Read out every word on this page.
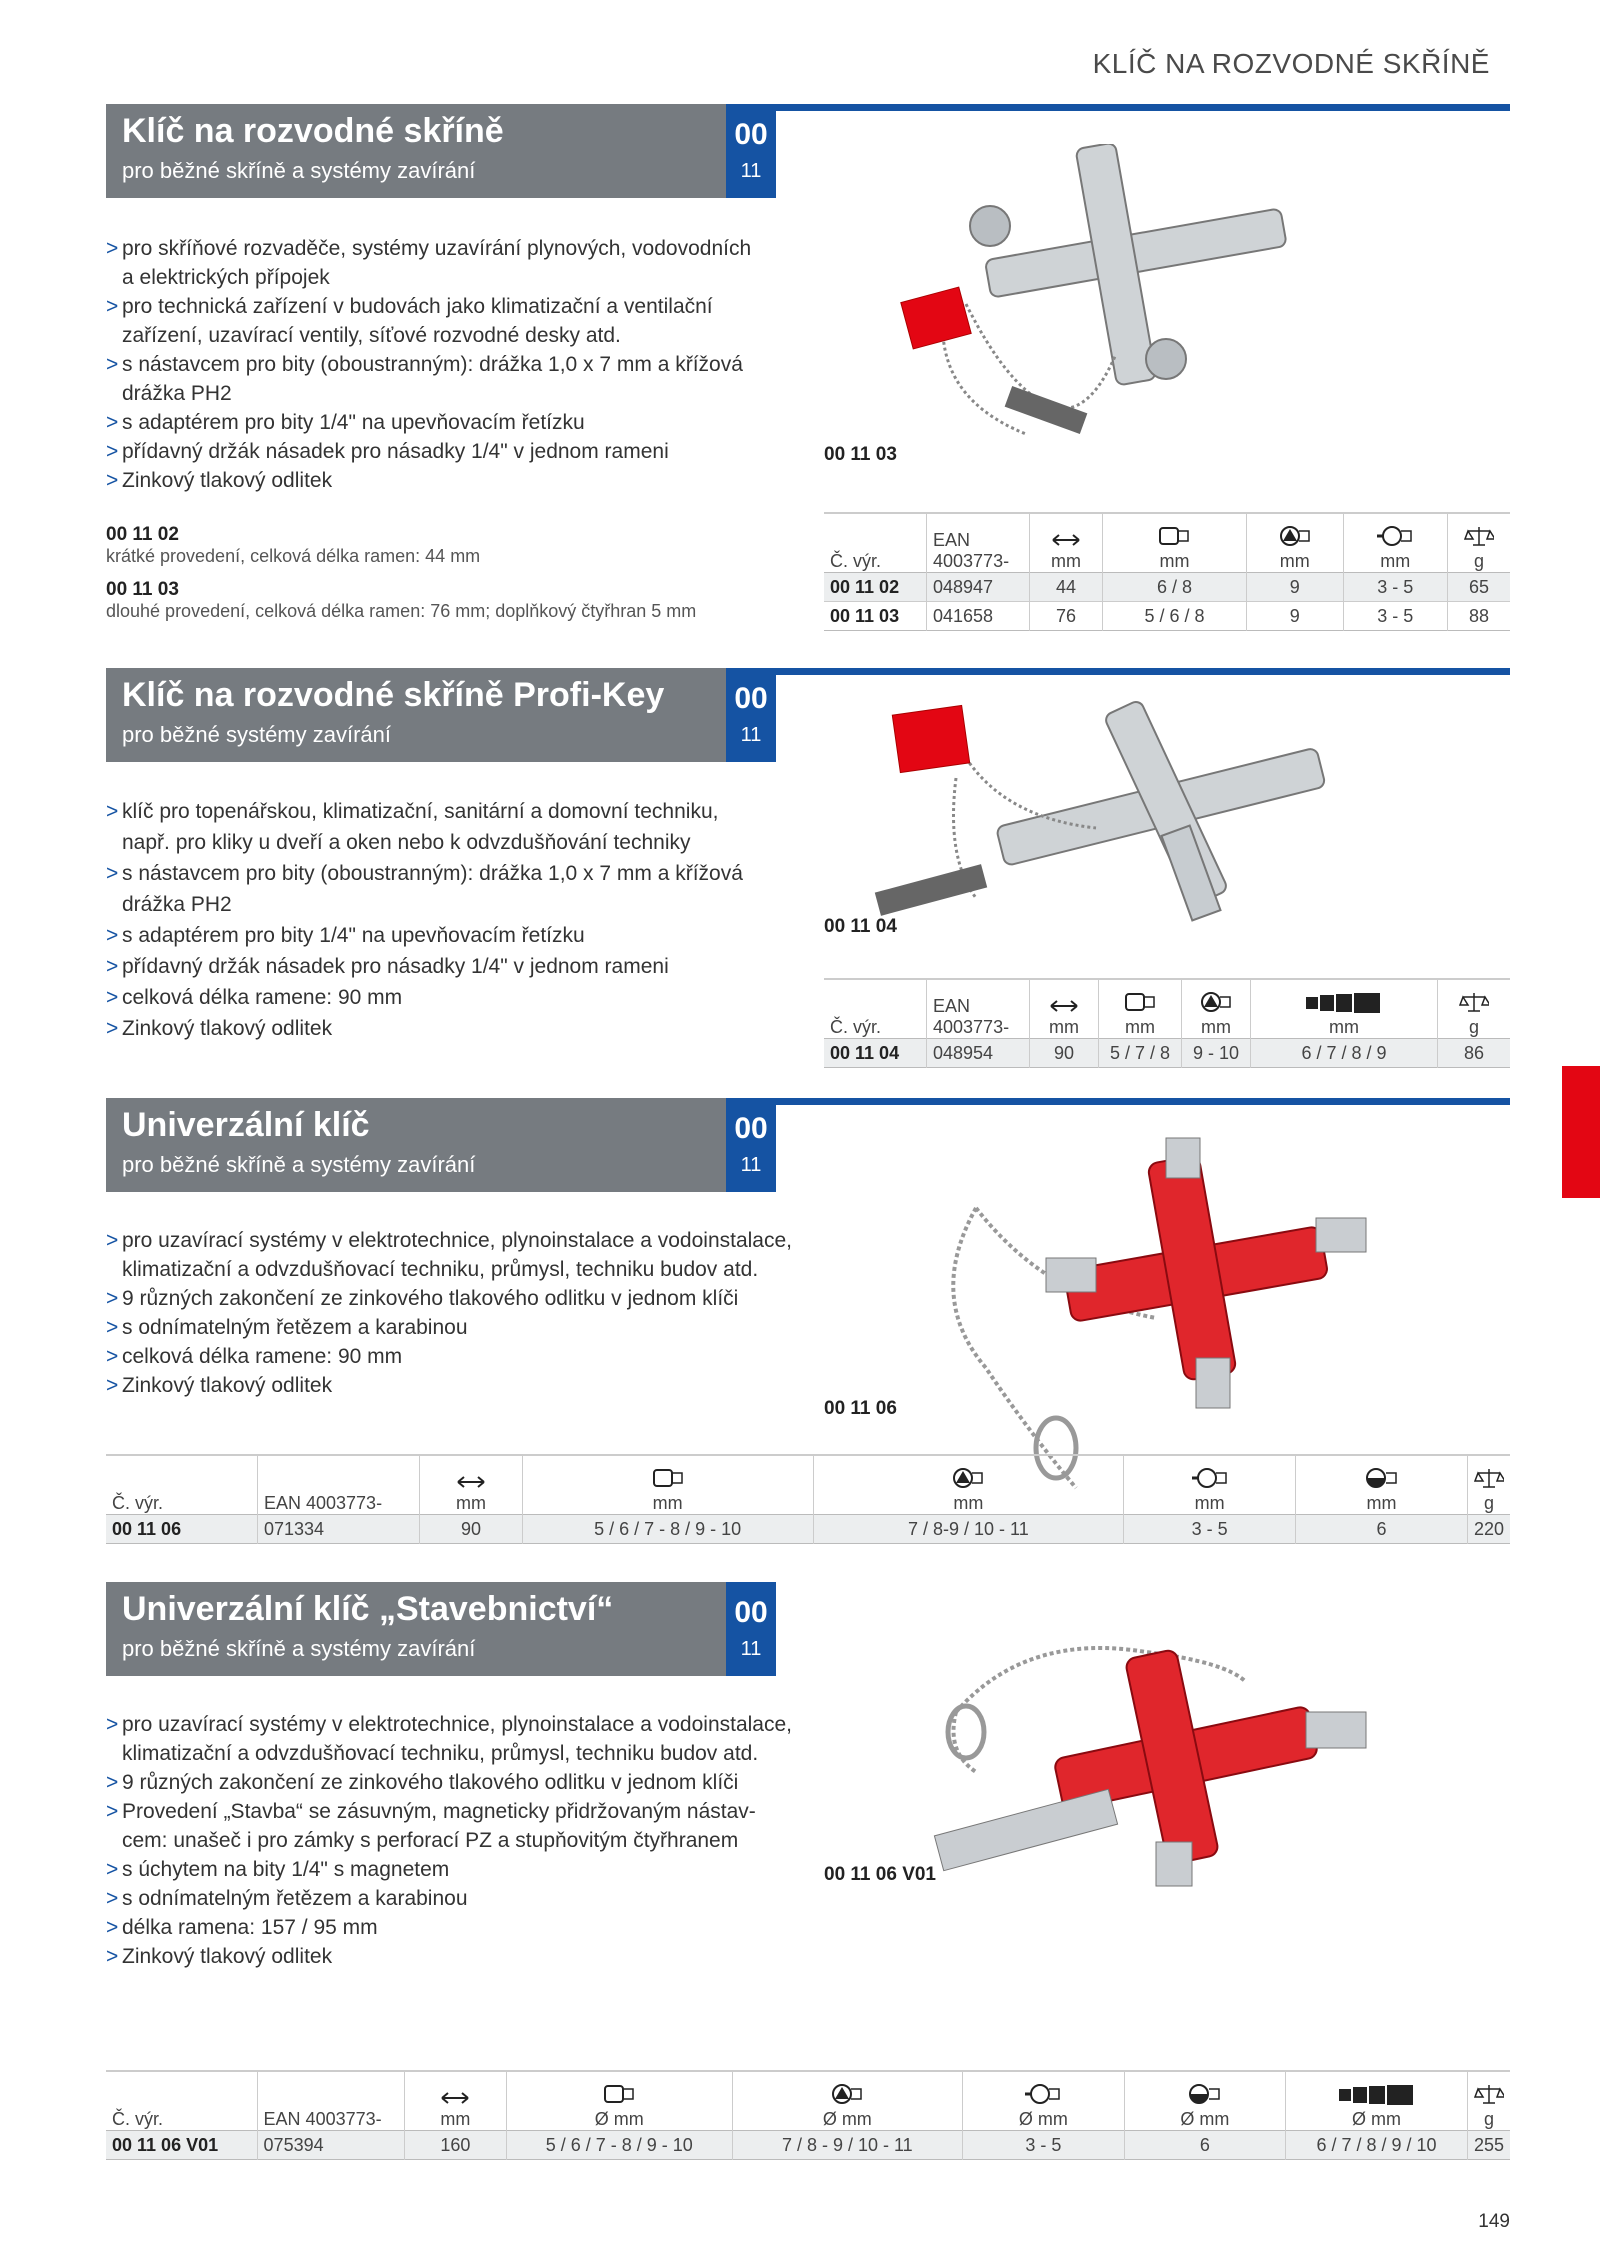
KLÍČ NA ROZVODNÉ SKŘÍNĚ
Klíč na rozvodné skříně
pro běžné skříně a systémy zavírání
00
11
> pro skříňové rozvaděče, systémy uzavírání plynových, vodovodních a elektrických přípojek
> pro technická zařízení v budovách jako klimatizační a ventilační zařízení, uzavírací ventily, síťové rozvodné desky atd.
> s nástavcem pro bity (oboustranným): drážka 1,0 x 7 mm a křížová drážka PH2
> s adaptérem pro bity 1/4" na upevňovacím řetízku
> přídavný držák násadek pro násadky 1/4" v jednom rameni
> Zinkový tlakový odlitek
00 11 02
krátké provedení, celková délka ramen: 44 mm
00 11 03
dlouhé provedení, celková délka ramen: 76 mm; doplňkový čtyřhran 5 mm
00 11 03
Č. výr.	EAN 4003773-	mm	mm	mm	mm	g
00 11 02	048947	44	6 / 8	9	3 - 5	65
00 11 03	041658	76	5 / 6 / 8	9	3 - 5	88
Klíč na rozvodné skříně Profi-Key
pro běžné systémy zavírání
00
11
> klíč pro topenářskou, klimatizační, sanitární a domovní techniku, např. pro kliky u dveří a oken nebo k odvzdušňování techniky
> s nástavcem pro bity (oboustranným): drážka 1,0 x 7 mm a křížová drážka PH2
> s adaptérem pro bity 1/4" na upevňovacím řetízku
> přídavný držák násadek pro násadky 1/4" v jednom rameni
> celková délka ramene: 90 mm
> Zinkový tlakový odlitek
00 11 04
Č. výr.	EAN 4003773-	mm	mm	mm	mm	g
00 11 04	048954	90	5 / 7 / 8	9 - 10	6 / 7 / 8 / 9	86
Univerzální klíč
pro běžné skříně a systémy zavírání
00
11
> pro uzavírací systémy v elektrotechnice, plynoinstalace a vodoinstalace, klimatizační a odvzdušňovací techniku, průmysl, techniku budov atd.
> 9 různých zakončení ze zinkového tlakového odlitku v jednom klíči
> s odnímatelným řetězem a karabinou
> celková délka ramene: 90 mm
> Zinkový tlakový odlitek
00 11 06
Č. výr.	EAN 4003773-	mm	mm	mm	mm	mm	g
00 11 06	071334	90	5 / 6 / 7 - 8 / 9 - 10	7 / 8-9 / 10 - 11	3 - 5	6	220
Univerzální klíč „Stavebnictví“
pro běžné skříně a systémy zavírání
00
11
> pro uzavírací systémy v elektrotechnice, plynoinstalace a vodoinstalace, klimatizační a odvzdušňovací techniku, průmysl, techniku budov atd.
> 9 různých zakončení ze zinkového tlakového odlitku v jednom klíči
> Provedení „Stavba“ se zásuvným, magneticky přidržovaným nástav-cem: unašeč i pro zámky s perforací PZ a stupňovitým čtyřhranem
> s úchytem na bity 1/4" s magnetem
> s odnímatelným řetězem a karabinou
> délka ramena: 157 / 95 mm
> Zinkový tlakový odlitek
00 11 06 V01
Č. výr.	EAN 4003773-	mm	Ø mm	Ø mm	Ø mm	Ø mm	Ø mm	g
00 11 06 V01	075394	160	5 / 6 / 7 - 8 / 9 - 10	7 / 8 - 9 / 10 - 11	3 - 5	6	6 / 7 / 8 / 9 / 10	255
149
